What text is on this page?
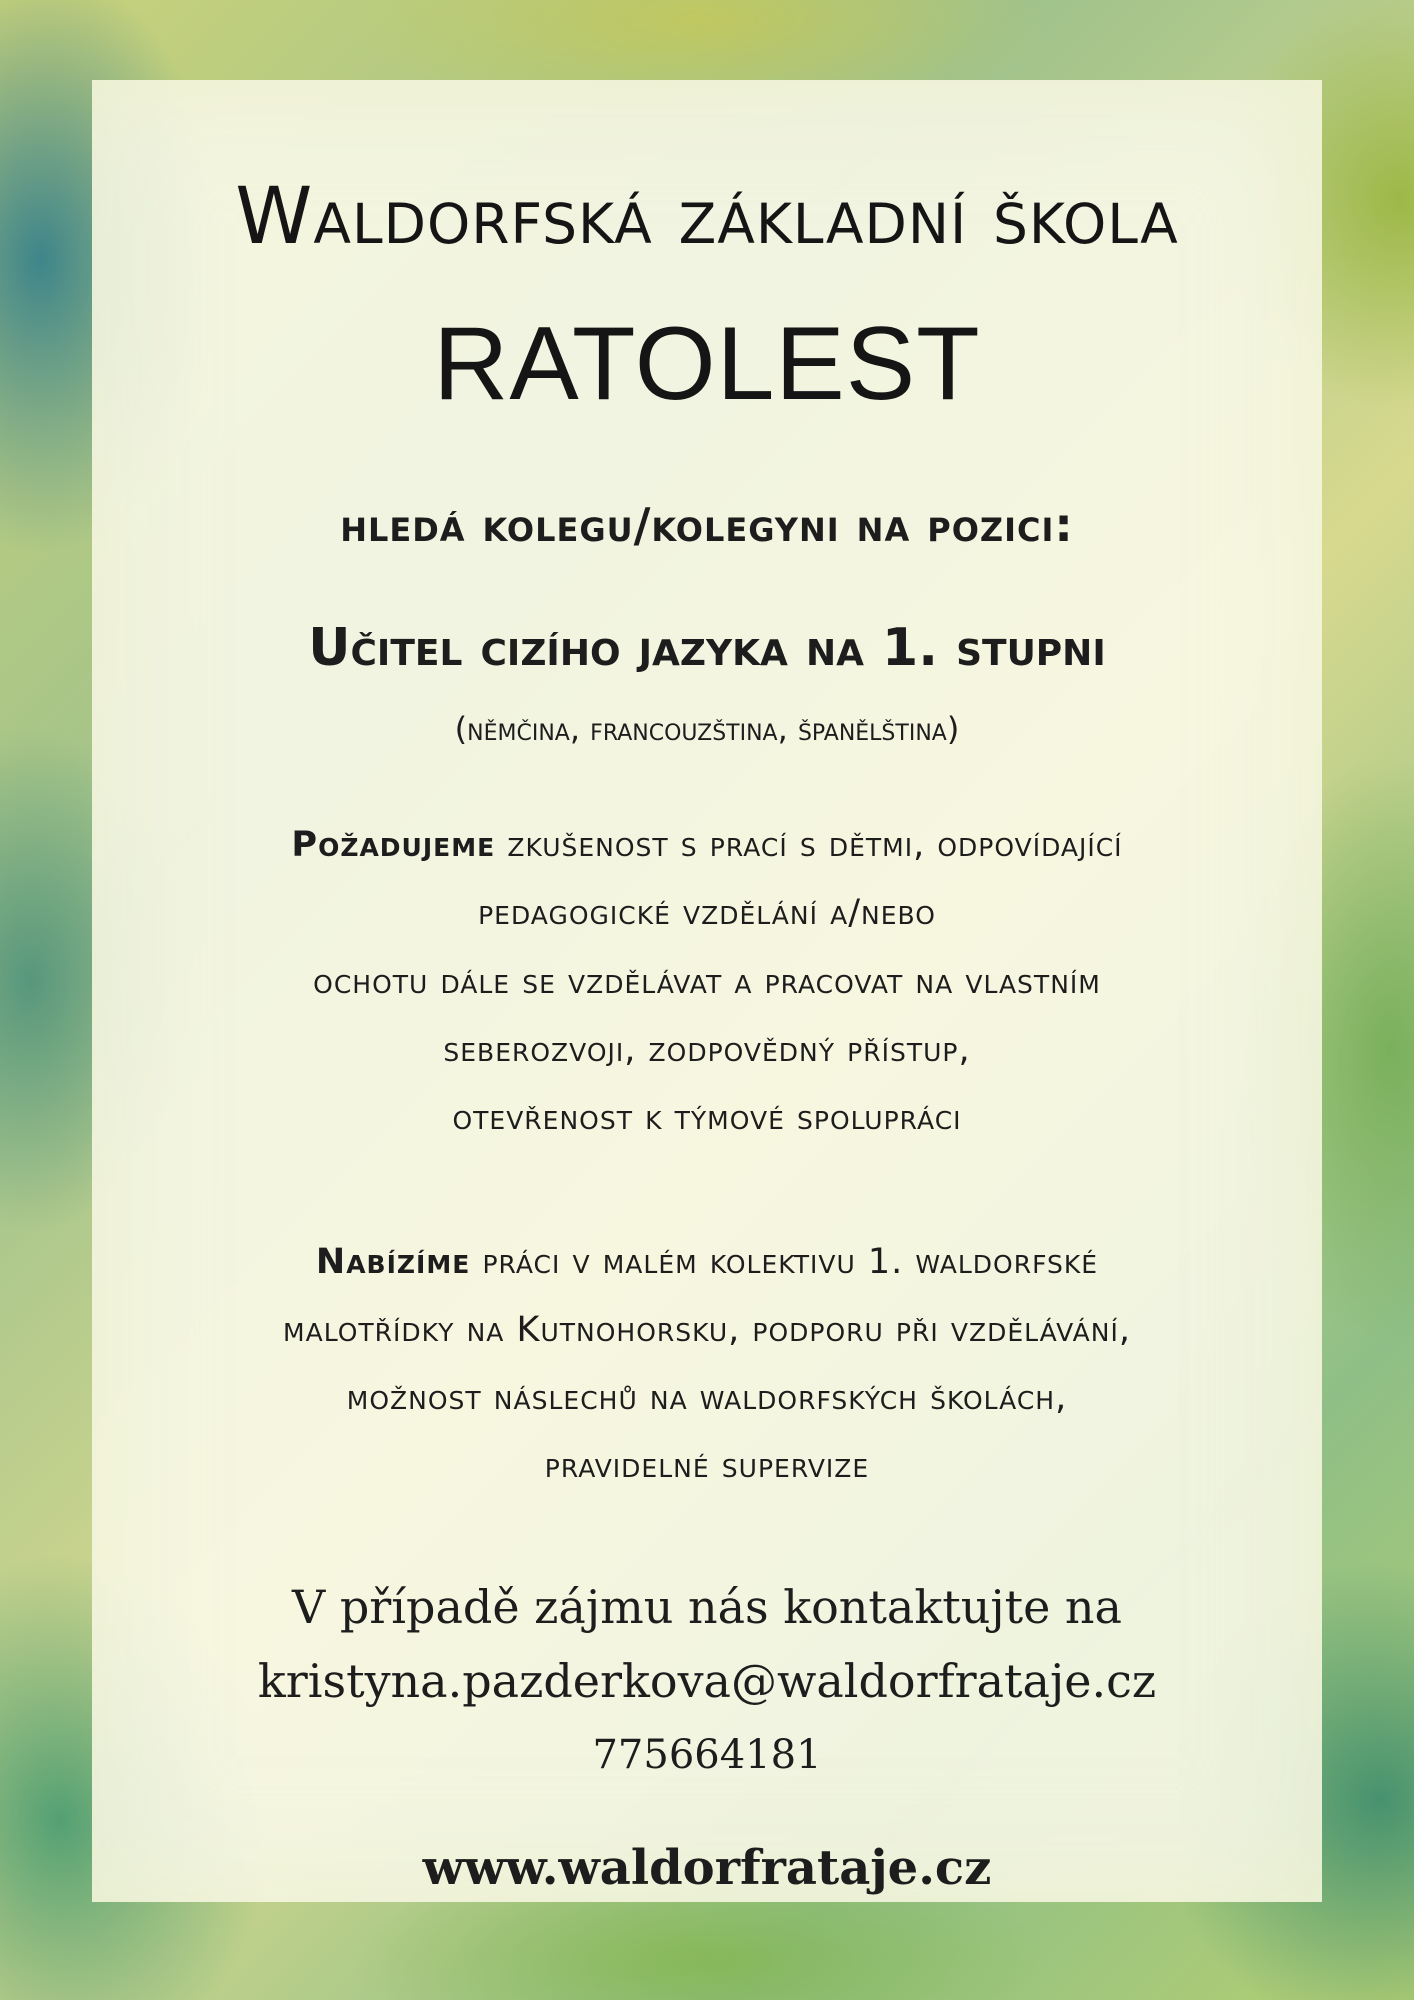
Waldorfská základní škola
RATOLEST
hledá kolegu/kolegyni na pozici:
Učitel cizího jazyka na 1. stupni
(němčina, francouzština, španělština)
Požadujeme zkušenost s prací s dětmi, odpovídající
pedagogické vzdělání a/nebo
ochotu dále se vzdělávat a pracovat na vlastním
seberozvoji, zodpovědný přístup,
otevřenost k týmové spolupráci
Nabízíme práci v malém kolektivu 1. waldorfské
malotřídky na Kutnohorsku, podporu při vzdělávání,
možnost náslechů na waldorfských školách,
pravidelné supervize
V případě zájmu nás kontaktujte na
kristyna.pazderkova@waldorfrataje.cz
775664181
www.waldorfrataje.cz
